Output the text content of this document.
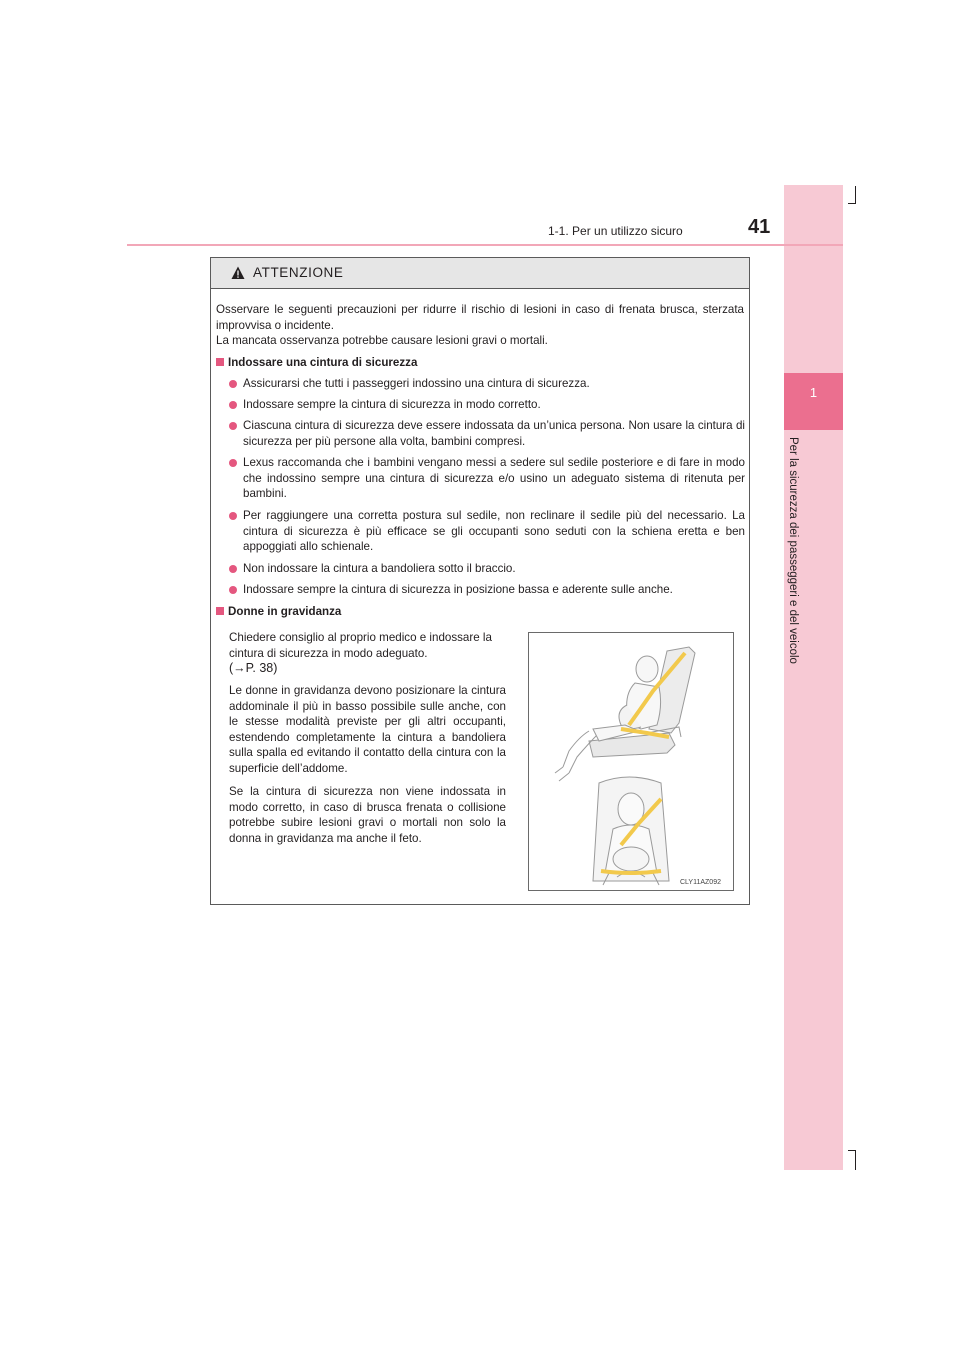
1
Per la sicurezza dei passeggeri e del veicolo
1-1. Per un utilizzo sicuro	41
ATTENZIONE
Osservare le seguenti precauzioni per ridurre il rischio di lesioni in caso di frenata brusca, sterzata improvvisa o incidente.
La mancata osservanza potrebbe causare lesioni gravi o mortali.
Indossare una cintura di sicurezza
Assicurarsi che tutti i passeggeri indossino una cintura di sicurezza.
Indossare sempre la cintura di sicurezza in modo corretto.
Ciascuna cintura di sicurezza deve essere indossata da un’unica persona. Non usare la cintura di sicurezza per più persone alla volta, bambini compresi.
Lexus raccomanda che i bambini vengano messi a sedere sul sedile posteriore e di fare in modo che indossino sempre una cintura di sicurezza e/o usino un adeguato sistema di ritenuta per bambini.
Per raggiungere una corretta postura sul sedile, non reclinare il sedile più del necessario. La cintura di sicurezza è più efficace se gli occupanti sono seduti con la schiena eretta e ben appoggiati allo schienale.
Non indossare la cintura a bandoliera sotto il braccio.
Indossare sempre la cintura di sicurezza in posizione bassa e aderente sulle anche.
Donne in gravidanza
Chiedere consiglio al proprio medico e indossare la cintura di sicurezza in modo adeguato.
(→P. 38)
Le donne in gravidanza devono posizionare la cintura addominale il più in basso possibile sulle anche, con le stesse modalità previste per gli altri occupanti, estendendo completamente la cintura a bandoliera sulla spalla ed evitando il contatto della cintura con la superficie dell’addome.
Se la cintura di sicurezza non viene indossata in modo corretto, in caso di brusca frenata o collisione potrebbe subire lesioni gravi o mortali non solo la donna in gravidanza ma anche il feto.
CLY11AZ092
